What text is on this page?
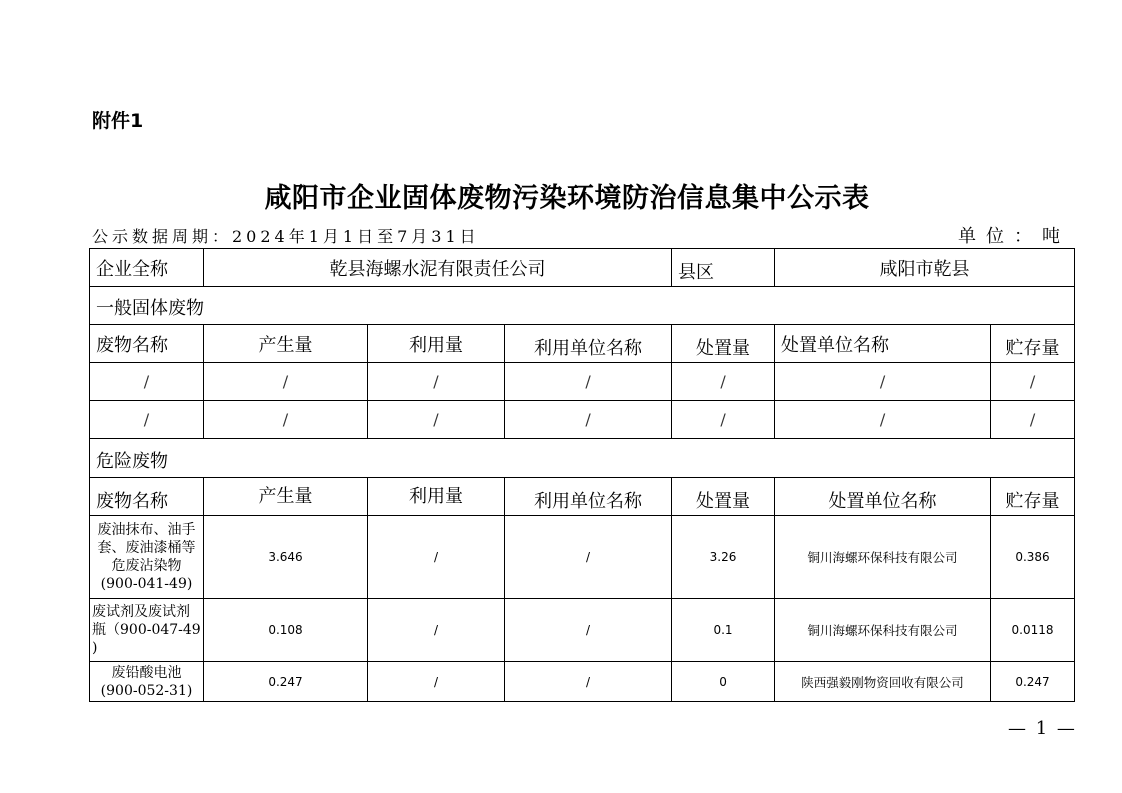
附件1
咸阳市企业固体废物污染环境防治信息集中公示表
公示数据周期：2024年1月1日至7月31日	单位：吨
企业全称	乾县海螺水泥有限责任公司			县区	咸阳市乾县	
一般固体废物						
废物名称	产生量	利用量	利用单位名称	处置量	处置单位名称	贮存量
/	/	/	/	/	/	/
/	/	/	/	/	/	/
危险废物						
废物名称	产生量	利用量	利用单位名称	处置量	处置单位名称	贮存量

废油抹布、油手
套、废油漆桶等
危废沾染物
(900-041-49)	3.646	/	/	3.26	铜川海螺环保科技有限公司	0.386

废试剂及废试剂
瓶（900-047-49
)	0.108	/	/	0.1	铜川海螺环保科技有限公司	0.0118

废铅酸电池
(900-052-31)	0.247	/	/	0	陕西强毅刚物资回收有限公司	0.247
— 1 —
